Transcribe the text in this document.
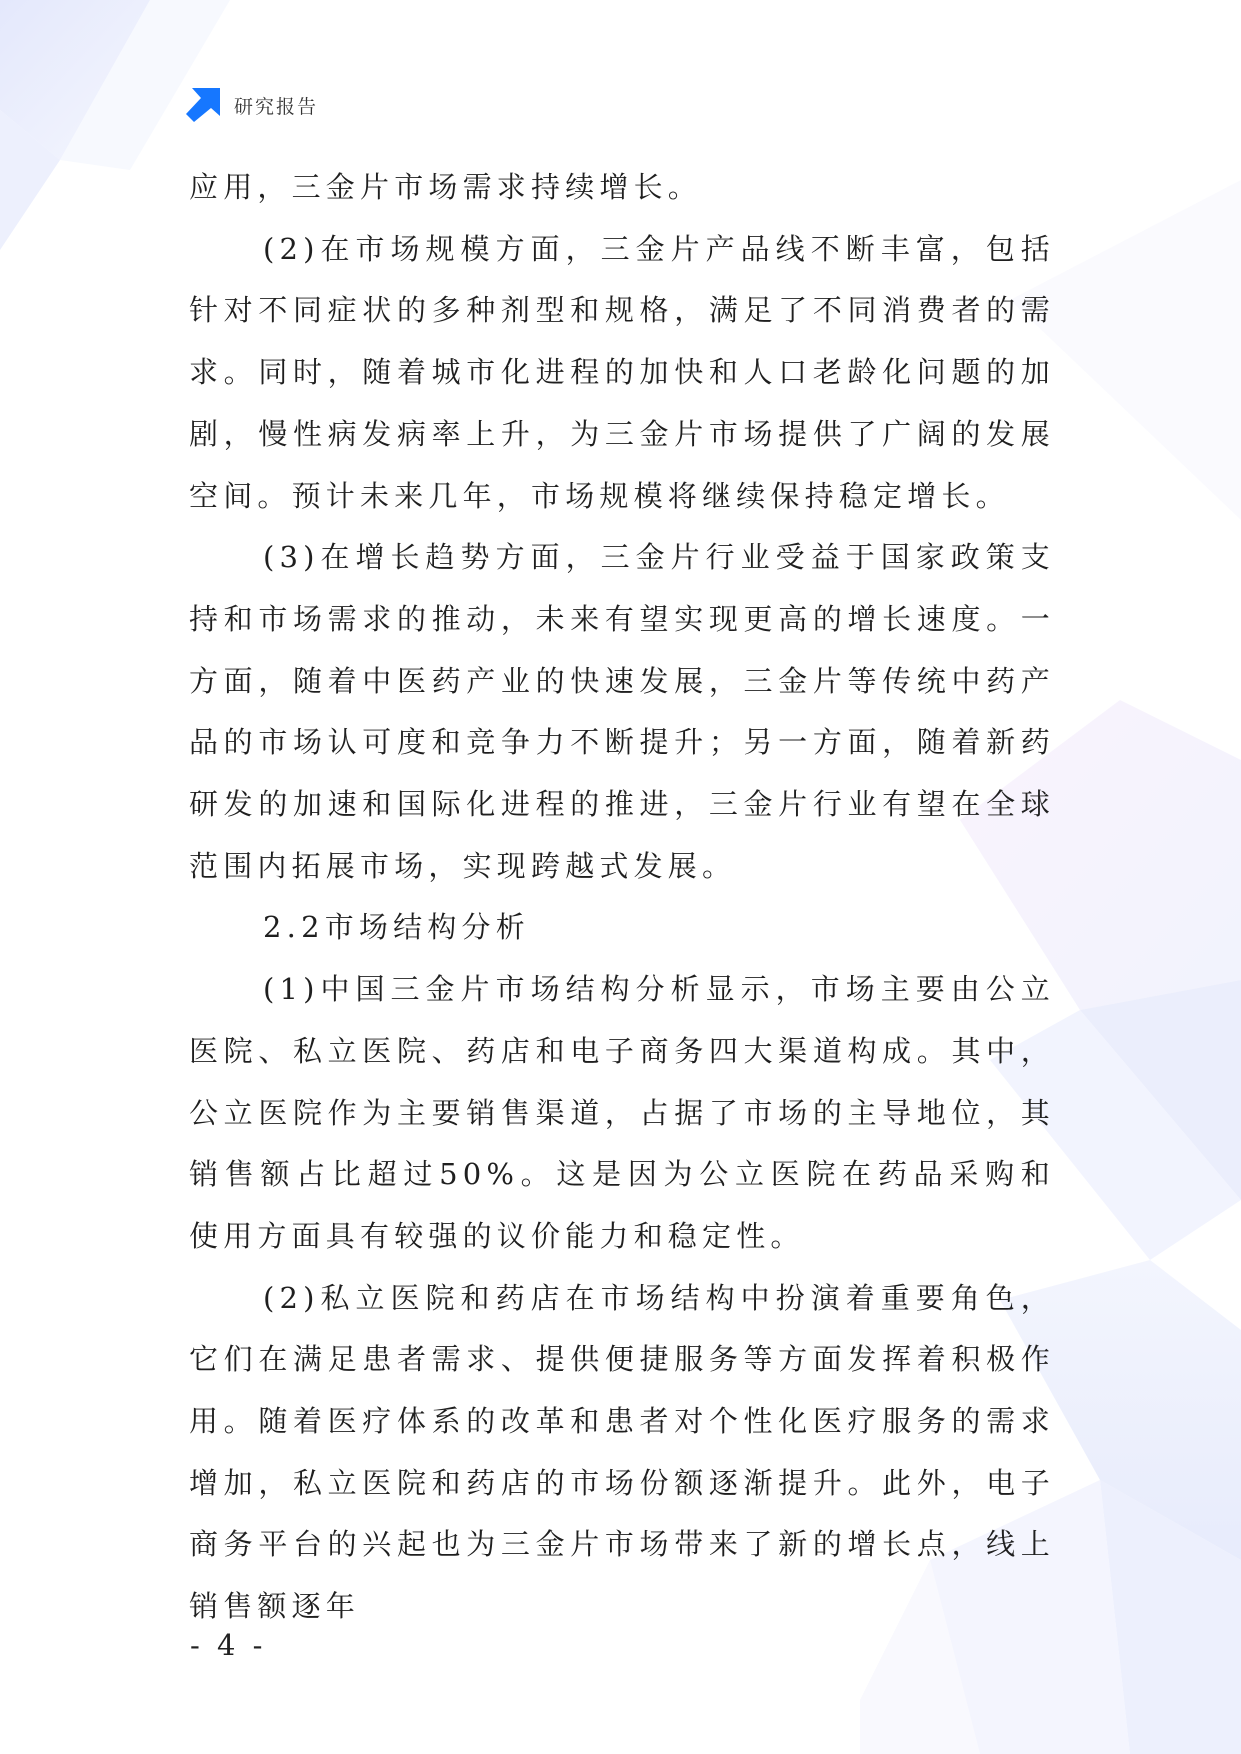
研究报告

应用，三金片市场需求持续增长。

(2)在市场规模方面，三金片产品线不断丰富，包括针对不同症状的多种剂型和规格，满足了不同消费者的需求。同时，随着城市化进程的加快和人口老龄化问题的加剧，慢性病发病率上升，为三金片市场提供了广阔的发展空间。预计未来几年，市场规模将继续保持稳定增长。

(3)在增长趋势方面，三金片行业受益于国家政策支持和市场需求的推动，未来有望实现更高的增长速度。一方面，随着中医药产业的快速发展，三金片等传统中药产品的市场认可度和竞争力不断提升；另一方面，随着新药研发的加速和国际化进程的推进，三金片行业有望在全球范围内拓展市场，实现跨越式发展。

2.2市场结构分析

(1)中国三金片市场结构分析显示，市场主要由公立医院、私立医院、药店和电子商务四大渠道构成。其中，公立医院作为主要销售渠道，占据了市场的主导地位，其销售额占比超过50%。这是因为公立医院在药品采购和使用方面具有较强的议价能力和稳定性。

(2)私立医院和药店在市场结构中扮演着重要角色，它们在满足患者需求、提供便捷服务等方面发挥着积极作用。随着医疗体系的改革和患者对个性化医疗服务的需求增加，私立医院和药店的市场份额逐渐提升。此外，电子商务平台的兴起也为三金片市场带来了新的增长点，线上销售额逐年

- 4 -
